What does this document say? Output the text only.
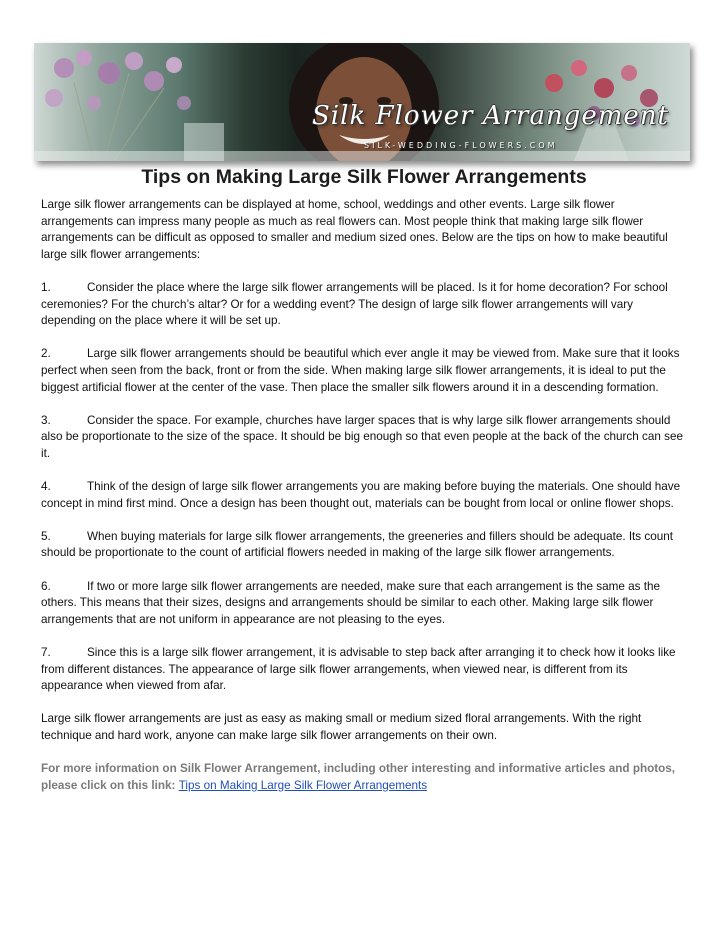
Silk Flower Arrangement
SILK-WEDDING-FLOWERS.COM
Tips on Making Large Silk Flower Arrangements

Large silk flower arrangements can be displayed at home, school, weddings and other events. Large silk flower arrangements can impress many people as much as real flowers can. Most people think that making large silk flower arrangements can be difficult as opposed to smaller and medium sized ones. Below are the tips on how to make beautiful large silk flower arrangements:

1.	Consider the place where the large silk flower arrangements will be placed. Is it for home decoration? For school ceremonies? For the church’s altar? Or for a wedding event? The design of large silk flower arrangements will vary depending on the place where it will be set up.

2.	Large silk flower arrangements should be beautiful which ever angle it may be viewed from. Make sure that it looks perfect when seen from the back, front or from the side. When making large silk flower arrangements, it is ideal to put the biggest artificial flower at the center of the vase. Then place the smaller silk flowers around it in a descending formation.

3.	Consider the space. For example, churches have larger spaces that is why large silk flower arrangements should also be proportionate to the size of the space. It should be big enough so that even people at the back of the church can see it.

4.	Think of the design of large silk flower arrangements you are making before buying the materials. One should have concept in mind first mind. Once a design has been thought out, materials can be bought from local or online flower shops.

5.	When buying materials for large silk flower arrangements, the greeneries and fillers should be adequate. Its count should be proportionate to the count of artificial flowers needed in making of the large silk flower arrangements.

6.	If two or more large silk flower arrangements are needed, make sure that each arrangement is the same as the others. This means that their sizes, designs and arrangements should be similar to each other. Making large silk flower arrangements that are not uniform in appearance are not pleasing to the eyes.

7.	Since this is a large silk flower arrangement, it is advisable to step back after arranging it to check how it looks like from different distances. The appearance of large silk flower arrangements, when viewed near, is different from its appearance when viewed from afar.

Large silk flower arrangements are just as easy as making small or medium sized floral arrangements. With the right technique and hard work, anyone can make large silk flower arrangements on their own.

For more information on Silk Flower Arrangement, including other interesting and informative articles and photos, please click on this link: Tips on Making Large Silk Flower Arrangements
